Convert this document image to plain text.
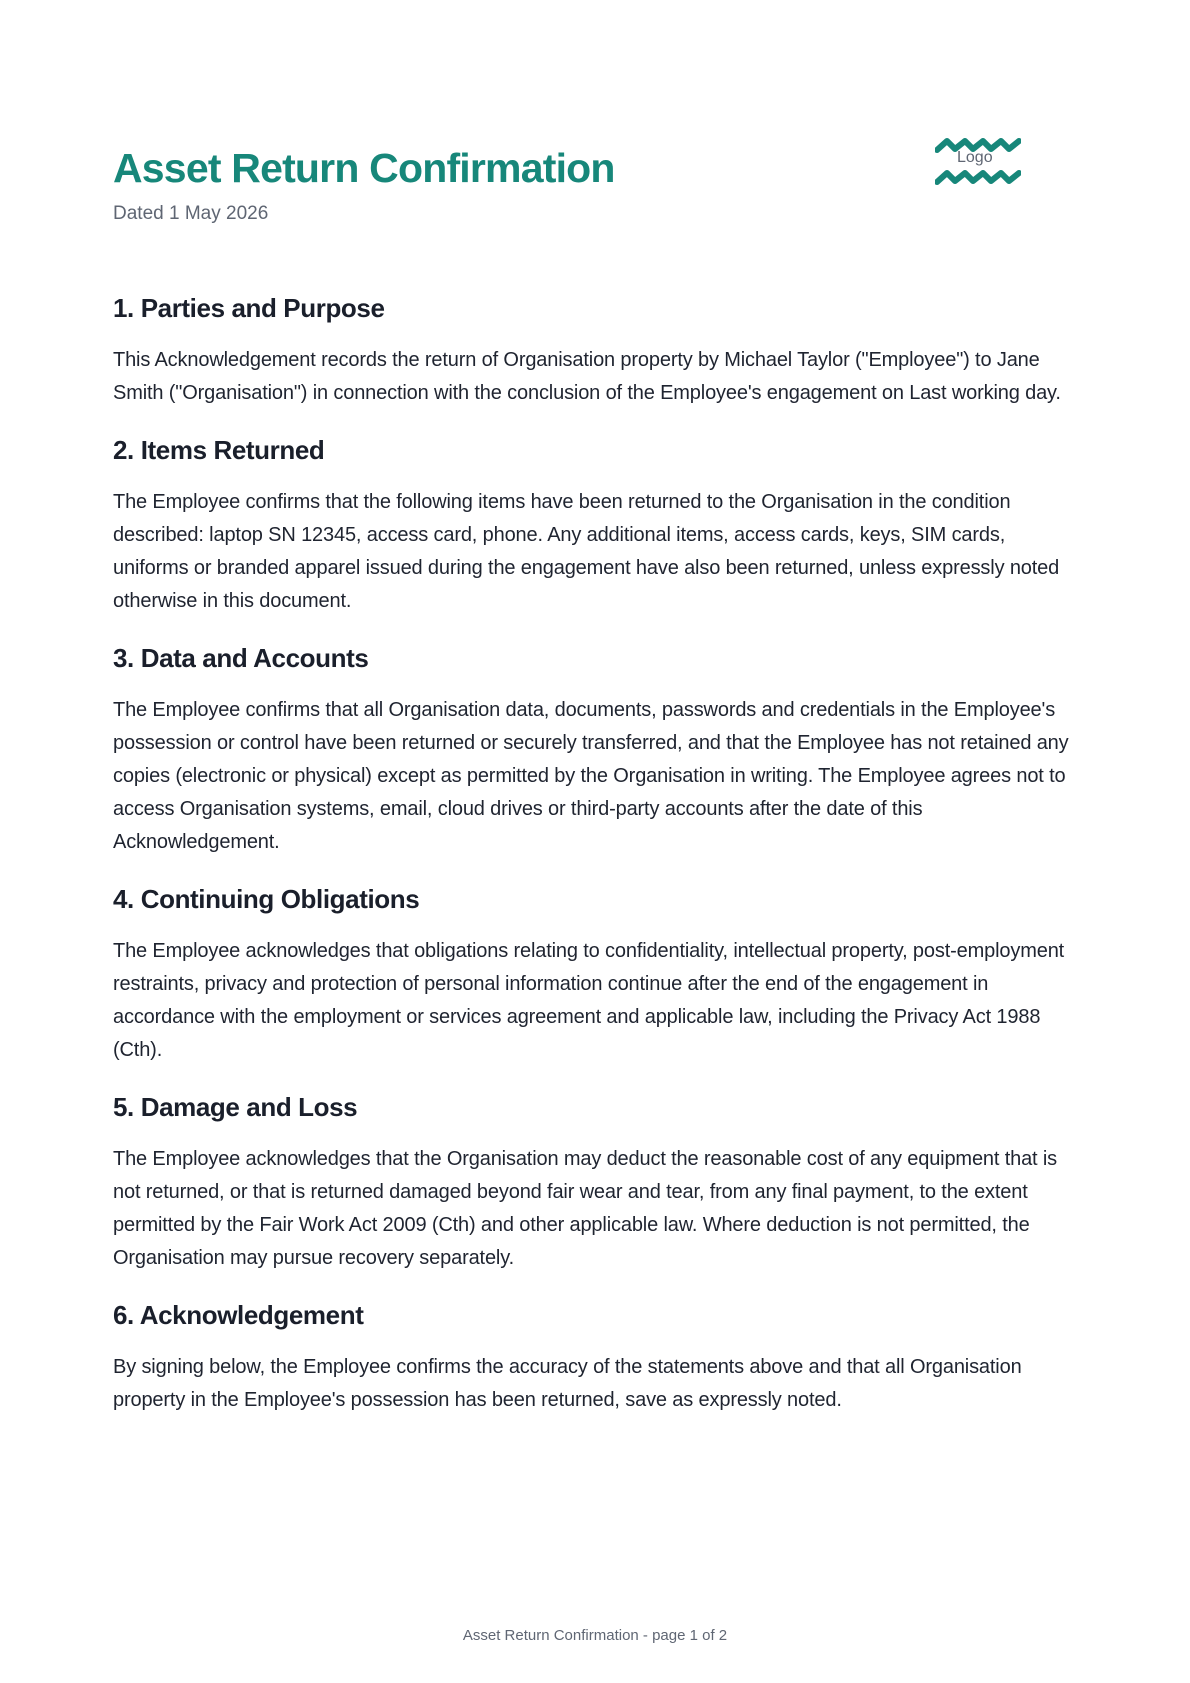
Asset Return Confirmation
Dated 1 May 2026
Logo
1. Parties and Purpose

This Acknowledgement records the return of Organisation property by Michael Taylor ("Employee") to Jane Smith ("Organisation") in connection with the conclusion of the Employee's engagement on Last working day.

2. Items Returned

The Employee confirms that the following items have been returned to the Organisation in the condition described: laptop SN 12345, access card, phone. Any additional items, access cards, keys, SIM cards, uniforms or branded apparel issued during the engagement have also been returned, unless expressly noted otherwise in this document.

3. Data and Accounts

The Employee confirms that all Organisation data, documents, passwords and credentials in the Employee's possession or control have been returned or securely transferred, and that the Employee has not retained any copies (electronic or physical) except as permitted by the Organisation in writing. The Employee agrees not to access Organisation systems, email, cloud drives or third-party accounts after the date of this Acknowledgement.

4. Continuing Obligations

The Employee acknowledges that obligations relating to confidentiality, intellectual property, post-employment restraints, privacy and protection of personal information continue after the end of the engagement in accordance with the employment or services agreement and applicable law, including the Privacy Act 1988 (Cth).

5. Damage and Loss

The Employee acknowledges that the Organisation may deduct the reasonable cost of any equipment that is not returned, or that is returned damaged beyond fair wear and tear, from any final payment, to the extent permitted by the Fair Work Act 2009 (Cth) and other applicable law. Where deduction is not permitted, the Organisation may pursue recovery separately.

6. Acknowledgement

By signing below, the Employee confirms the accuracy of the statements above and that all Organisation property in the Employee's possession has been returned, save as expressly noted.

Asset Return Confirmation - page 1 of 2
